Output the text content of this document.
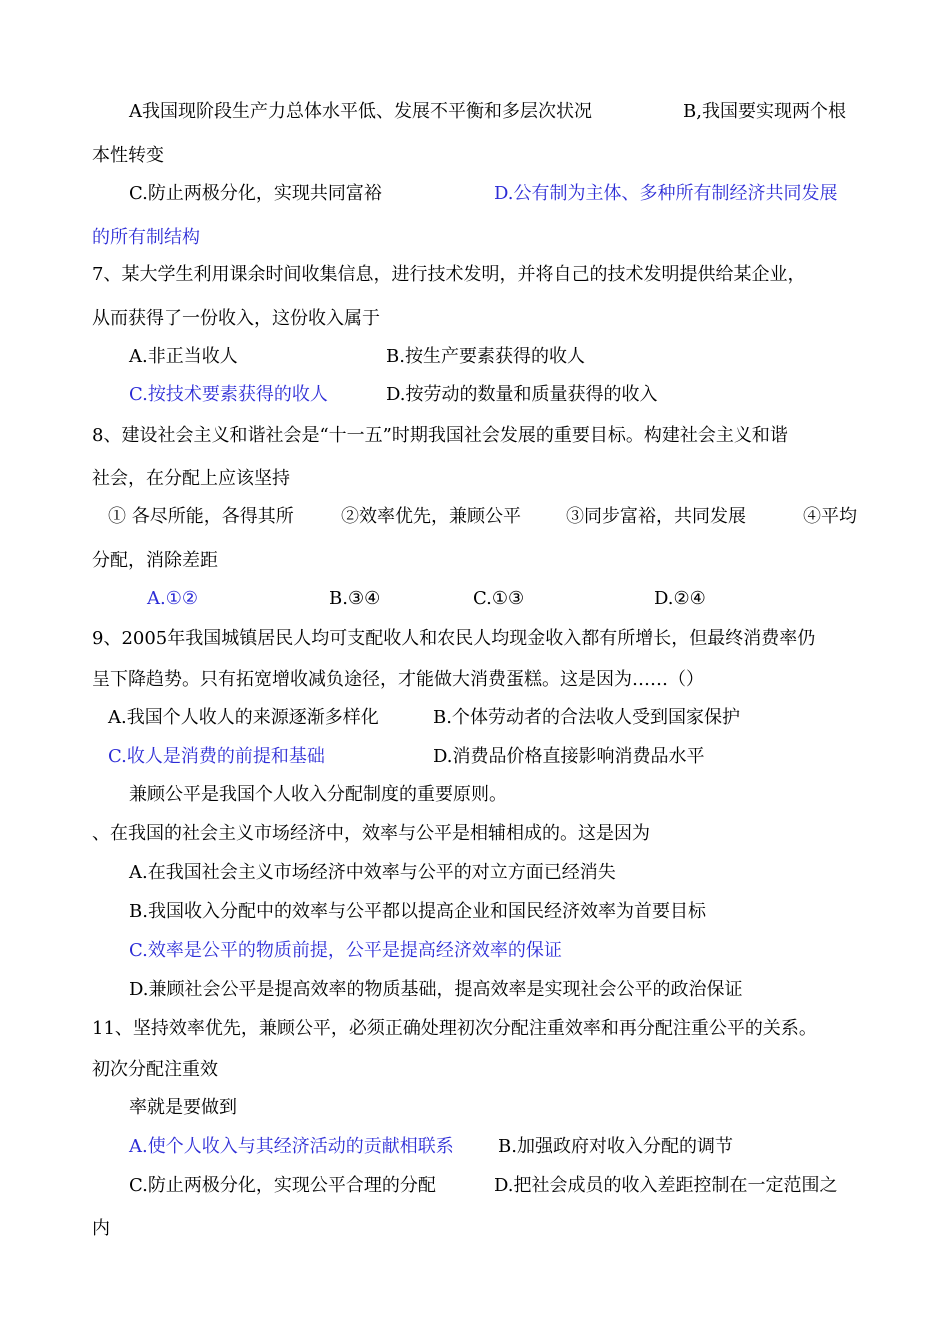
A我国现阶段生产力总体水平低、发展不平衡和多层次状况	B,我国要实现两个根
本性转变
C.防止两极分化，实现共同富裕	D.公有制为主体、多种所有制经济共同发展
的所有制结构
7、某大学生利用课余时间收集信息，进行技术发明，并将自己的技术发明提供给某企业，
从而获得了一份收入，这份收入属于
A.非正当收人	B.按生产要素获得的收人
C.按技术要素获得的收人	D.按劳动的数量和质量获得的收入
8、建设社会主义和谐社会是“十一五”时期我国社会发展的重要目标。构建社会主义和谐
社会，在分配上应该坚持
① 各尽所能，各得其所	②效率优先，兼顾公平	③同步富裕，共同发展	④平均
分配，消除差距
A.①②	B.③④	C.①③	D.②④
9、2005年我国城镇居民人均可支配收人和农民人均现金收入都有所增长，但最终消费率仍
呈下降趋势。只有拓宽增收减负途径，才能做大消费蛋糕。这是因为……（）
A.我国个人收人的来源逐渐多样化	B.个体劳动者的合法收人受到国家保护
C.收人是消费的前提和基础	D.消费品价格直接影响消费品水平
兼顾公平是我国个人收入分配制度的重要原则。
、在我国的社会主义市场经济中，效率与公平是相辅相成的。这是因为
A.在我国社会主义市场经济中效率与公平的对立方面已经消失
B.我国收入分配中的效率与公平都以提高企业和国民经济效率为首要目标
C.效率是公平的物质前提，公平是提高经济效率的保证
D.兼顾社会公平是提高效率的物质基础，提高效率是实现社会公平的政治保证
11、坚持效率优先，兼顾公平，必须正确处理初次分配注重效率和再分配注重公平的关系。
初次分配注重效
率就是要做到
A.使个人收入与其经济活动的贡献相联系 B.加强政府对收入分配的调节
C.防止两极分化，实现公平合理的分配	D.把社会成员的收入差距控制在一定范围之
内
